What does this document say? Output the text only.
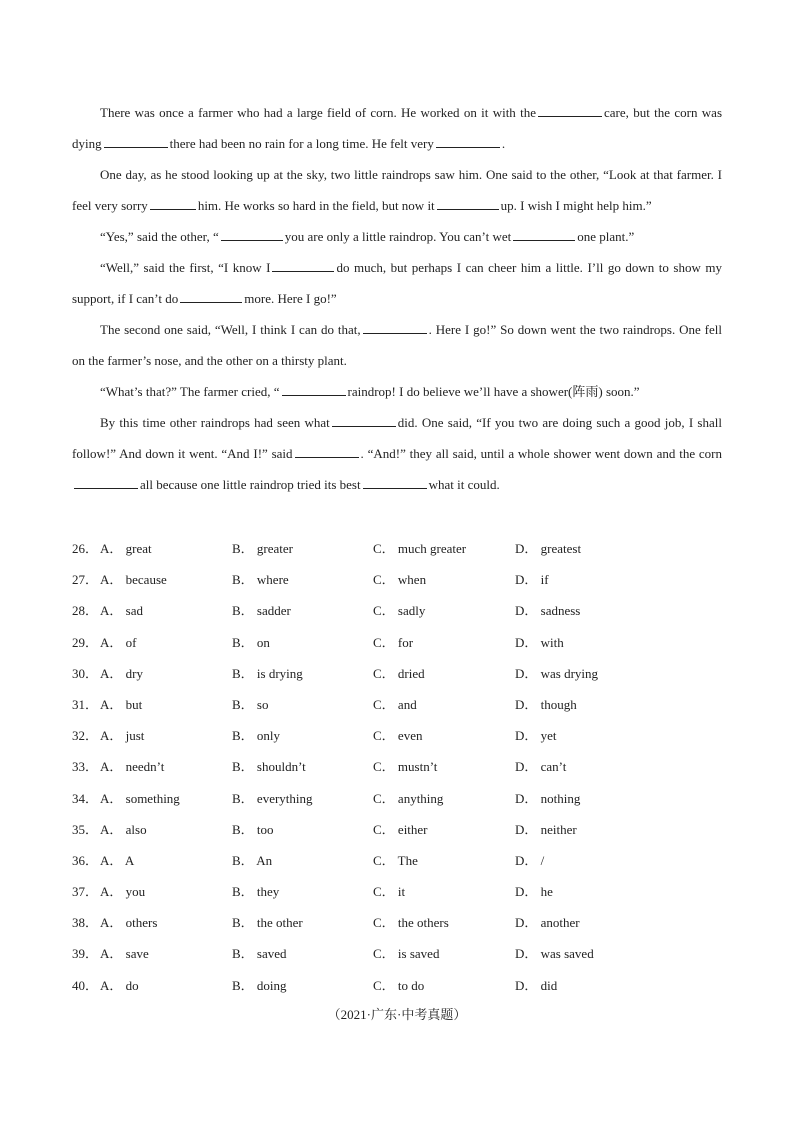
There was once a farmer who had a large field of corn. He worked on it with the	care, but the corn was dying	there had been no rain for a long time. He felt very	.

One day, as he stood looking up at the sky, two little raindrops saw him. One said to the other, “Look at that farmer. I feel very sorry	him. He works so hard in the field, but now it	up. I wish I might help him.”

“Yes,” said the other, “	you are only a little raindrop. You can’t wet	one plant.”

“Well,” said the first, “I know I	do much, but perhaps I can cheer him a little. I’ll go down to show my support, if I can’t do	more. Here I go!”

The second one said, “Well, I think I can do that,	. Here I go!” So down went the two raindrops. One fell on the farmer’s nose, and the other on a thirsty plant.

“What’s that?” The farmer cried, “	raindrop! I do believe we’ll have a shower(阵雨) soon.”

By this time other raindrops had seen what	did. One said, “If you two are doing such a good job, I shall follow!” And down it went. “And I!” said	. “And!” they all said, until a whole shower went down and the cornall because one little raindrop tried its best	what it could.

26． A． great	B． greater	C． much greater	D． greatest
27． A． because	B． where	C． when	D． if
28． A． sad	B． sadder	C． sadly	D． sadness
29． A． of	B． on	C． for	D． with
30． A． dry	B． is drying	C． dried	D． was drying
31． A． but	B． so	C． and	D． though
32． A． just	B． only	C． even	D． yet
33． A． needn’t	B． shouldn’t	C． mustn’t	D． can’t
34． A． something	B． everything	C． anything	D． nothing
35． A． also	B． too	C． either	D． neither
36． A． A	B． An	C． The	D． /
37． A． you	B． they	C． it	D． he
38． A． others	B． the other	C． the others	D． another
39． A． save	B． saved	C． is saved	D． was saved
40． A． do	B． doing	C． to do	D． did
（2021·广东·中考真题）
